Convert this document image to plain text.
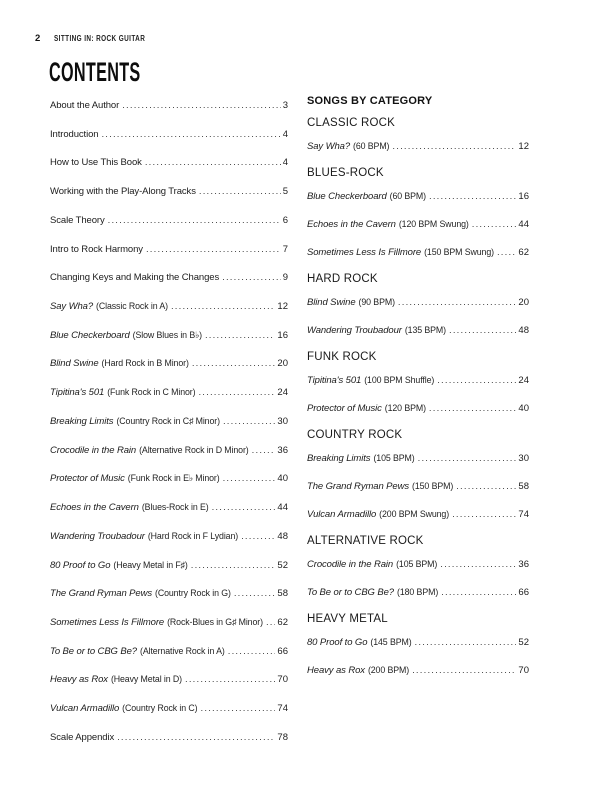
2 SITTING IN: ROCK GUITAR
CONTENTS
About the Author .....	3
Introduction .....	4
How to Use This Book .....	4
Working with the Play-Along Tracks .....	5
Scale Theory .....	6
Intro to Rock Harmony .....	7
Changing Keys and Making the Changes .....	9
Say Wha? (Classic Rock in A) .....	12
Blue Checkerboard (Slow Blues in B♭) .....	16
Blind Swine (Hard Rock in B Minor) .....	20
Tipitina's 501 (Funk Rock in C Minor) .....	24
Breaking Limits (Country Rock in C♯ Minor) .....	30
Crocodile in the Rain (Alternative Rock in D Minor) .....	36
Protector of Music (Funk Rock in E♭ Minor) .....	40
Echoes in the Cavern (Blues-Rock in E) .....	44
Wandering Troubadour (Hard Rock in F Lydian) .....	48
80 Proof to Go (Heavy Metal in F♯) .....	52
The Grand Ryman Pews (Country Rock in G) .....	58
Sometimes Less Is Fillmore (Rock-Blues in G♯ Minor) ..... 62
To Be or to CBG Be? (Alternative Rock in A) .....	66
Heavy as Rox (Heavy Metal in D) .....	70
Vulcan Armadillo (Country Rock in C) .....	74
Scale Appendix .....	78
SONGS BY CATEGORY
CLASSIC ROCK
Say Wha? (60 BPM) .....	12
BLUES-ROCK
Blue Checkerboard (60 BPM) .....	16
Echoes in the Cavern (120 BPM Swung) .....	44
Sometimes Less Is Fillmore (150 BPM Swung) .....	62
HARD ROCK
Blind Swine (90 BPM) .....	20
Wandering Troubadour (135 BPM) .....	48
FUNK ROCK
Tipitina's 501 (100 BPM Shuffle) .....	24
Protector of Music (120 BPM) .....	40
COUNTRY ROCK
Breaking Limits (105 BPM) .....	30
The Grand Ryman Pews (150 BPM) .....	58
Vulcan Armadillo (200 BPM Swung) .....	74
ALTERNATIVE ROCK
Crocodile in the Rain (105 BPM) .....	36
To Be or to CBG Be? (180 BPM) .....	66
HEAVY METAL
80 Proof to Go (145 BPM) .....	52
Heavy as Rox (200 BPM) .....	70
